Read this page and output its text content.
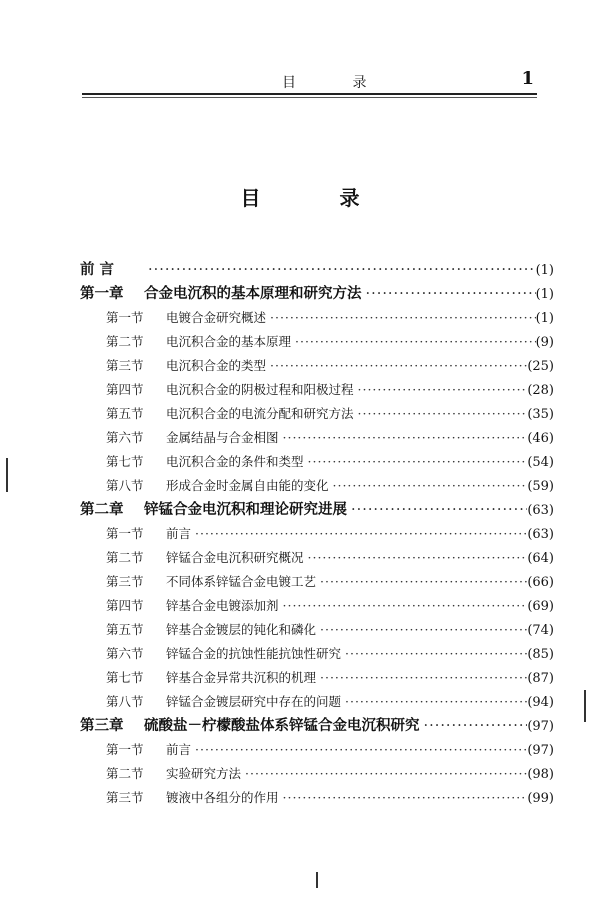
目 录	1
目 录
前 言 ·····	(1)
第一章	合金电沉积的基本原理和研究方法 ·····	(1)
第一节	电镀合金研究概述 ·····	(1)
第二节	电沉积合金的基本原理 ·····	(9)
第三节	电沉积合金的类型 ·····	(25)
第四节	电沉积合金的阴极过程和阳极过程 ·····	(28)
第五节	电沉积合金的电流分配和研究方法 ·····	(35)
第六节	金属结晶与合金相图 ·····	(46)
第七节	电沉积合金的条件和类型 ·····	(54)
第八节	形成合金时金属自由能的变化 ·····	(59)
第二章	锌锰合金电沉积和理论研究进展 ·····	(63)
第一节	前言 ·····	(63)
第二节	锌锰合金电沉积研究概况 ·····	(64)
第三节	不同体系锌锰合金电镀工艺 ·····	(66)
第四节	锌基合金电镀添加剂 ·····	(69)
第五节	锌基合金镀层的钝化和磷化 ·····	(74)
第六节	锌锰合金的抗蚀性能抗蚀性研究 ·····	(85)
第七节	锌基合金异常共沉积的机理 ·····	(87)
第八节	锌锰合金镀层研究中存在的问题 ·····	(94)
第三章	硫酸盐－柠檬酸盐体系锌锰合金电沉积研究 ·····	(97)
第一节	前言 ·····	(97)
第二节	实验研究方法 ·····	(98)
第三节	镀液中各组分的作用 ·····	(99)
